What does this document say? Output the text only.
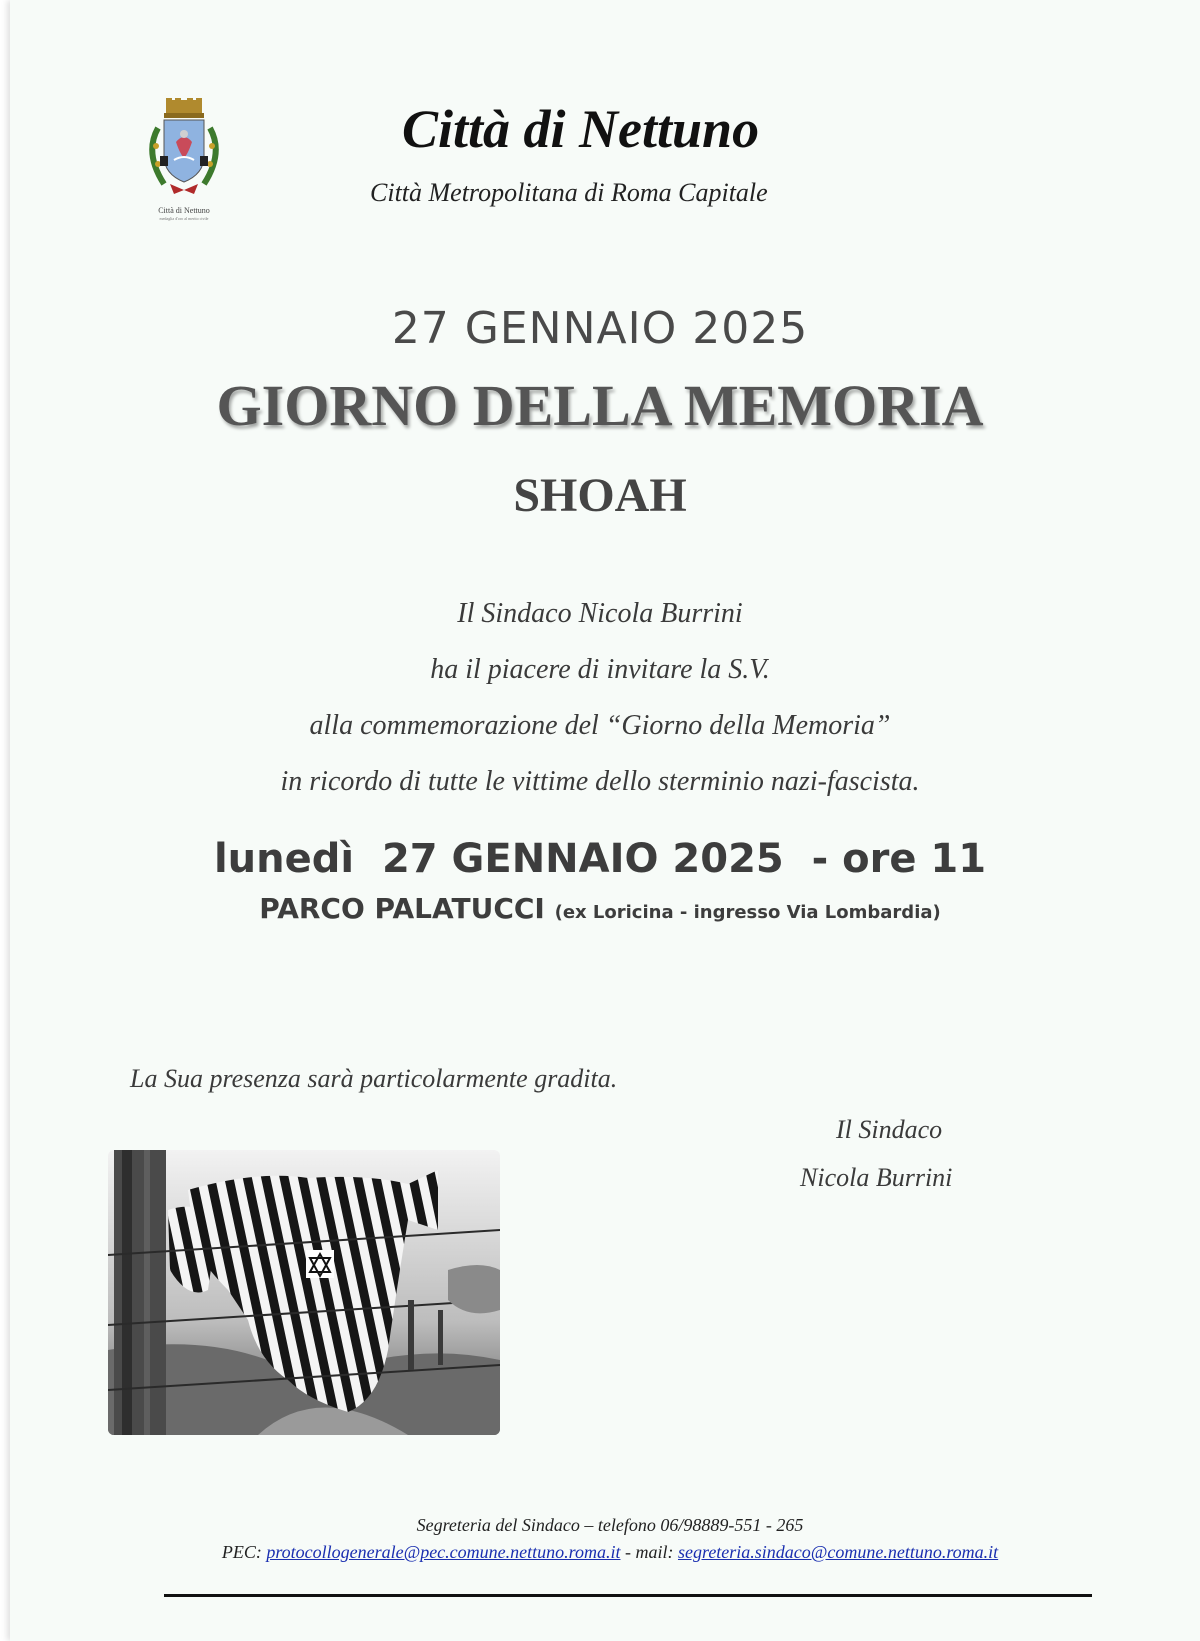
Città di Nettuno
medaglia d'oro al merito civile
Città di Nettuno
Città Metropolitana di Roma Capitale
27 GENNAIO 2025
GIORNO DELLA MEMORIA
SHOAH
Il Sindaco Nicola Burrini
ha il piacere di invitare la S.V.
alla commemorazione del “Giorno della Memoria”
in ricordo di tutte le vittime dello sterminio nazi-fascista.
lunedì  27 GENNAIO 2025  - ore 11
PARCO PALATUCCI (ex Loricina - ingresso Via Lombardia)
La Sua presenza sarà particolarmente gradita.
Il Sindaco
Nicola Burrini
Segreteria del Sindaco – telefono 06/98889-551 - 265
PEC: protocollogenerale@pec.comune.nettuno.roma.it - mail: segreteria.sindaco@comune.nettuno.roma.it
